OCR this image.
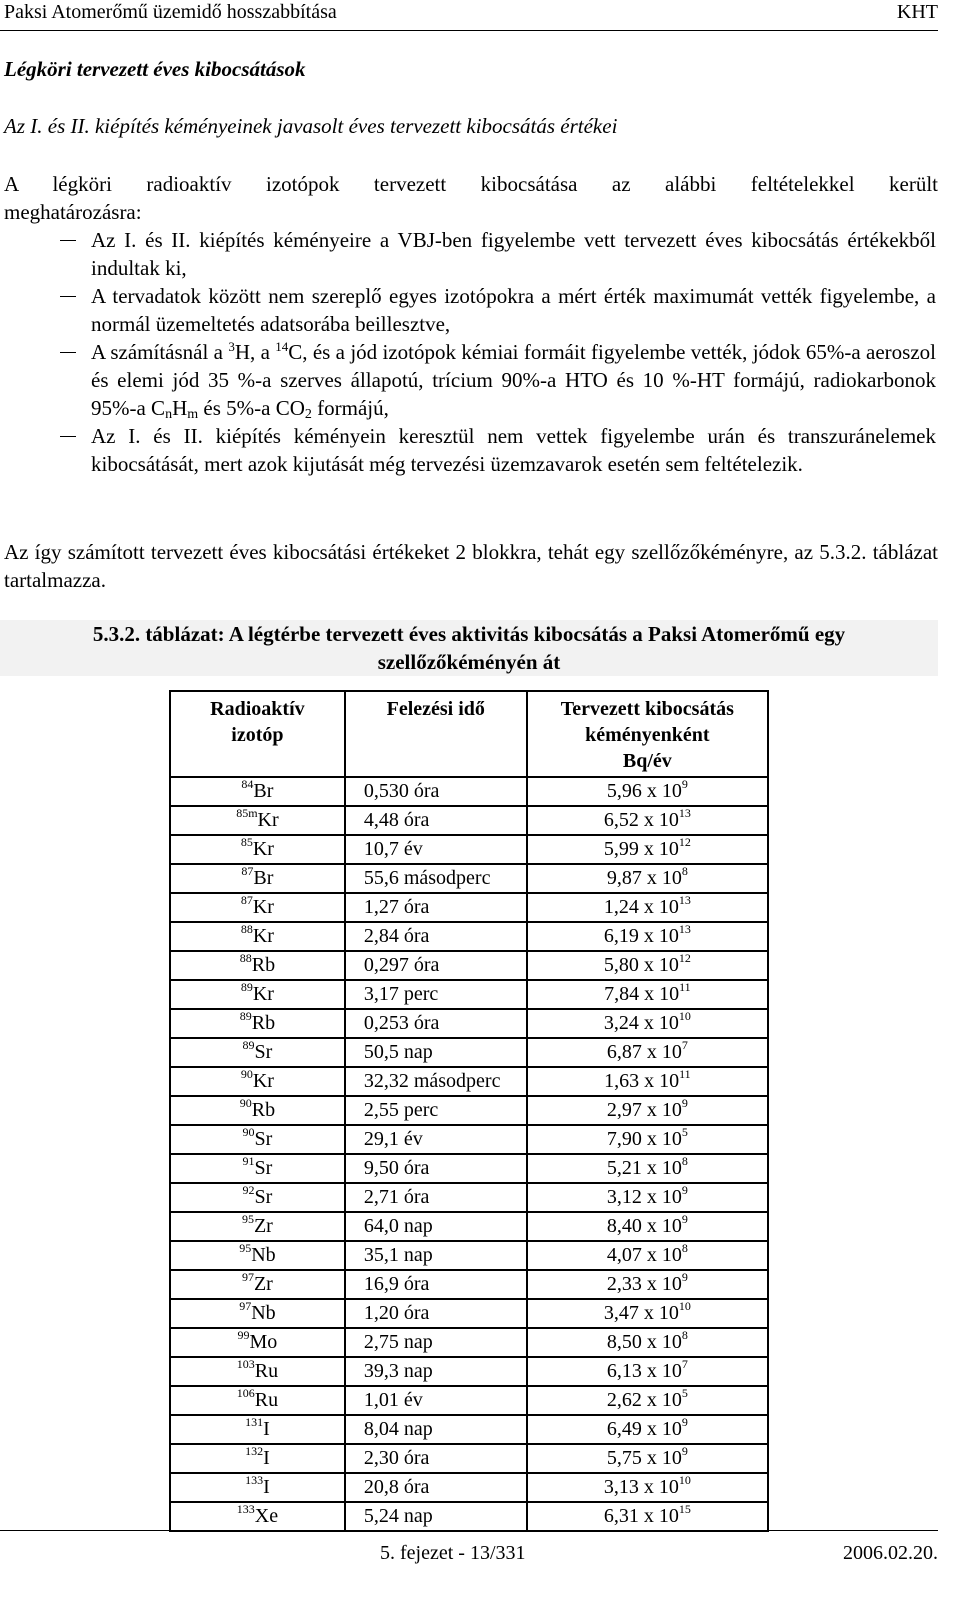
Paksi Atomerőmű üzemidő hosszabbítása	KHT
Légköri tervezett éves kibocsátások
Az I. és II. kiépítés kéményeinek javasolt éves tervezett kibocsátás értékei
A légköri radioaktív izotópok tervezett kibocsátása az alábbi feltételekkel került
meghatározásra:
Az I. és II. kiépítés kéményeire a VBJ-ben figyelembe vett tervezett éves kibocsátás értékekből indultak ki,
A tervadatok között nem szereplő egyes izotópokra a mért érték maximumát vették figyelembe, a normál üzemeltetés adatsorába beillesztve,
A számításnál a $^3$H, a $^{14}$C, és a jód izotópok kémiai formáit figyelembe vették, jódok 65%-a aeroszol és elemi jód 35 %-a szerves állapotú, trícium 90%-a HTO és 10 %-HT formájú, radiokarbonok 95%-a $C_nH_m$ és 5%-a $CO_2$ formájú,
Az I. és II. kiépítés kéményein keresztül nem vettek figyelembe urán és transzuránelemek kibocsátását, mert azok kijutását még tervezési üzemzavarok esetén sem feltételezik.
Az így számított tervezett éves kibocsátási értékeket 2 blokkra, tehát egy szellőzőkéményre, az 5.3.2. táblázat tartalmazza.
5.3.2. táblázat: A légtérbe tervezett éves aktivitás kibocsátás a Paksi Atomerőmű egy
szellőzőkéményén át
Radioaktív
izotóp	Felezési idő	Tervezett kibocsátás
kéményenként
Bq/év
$^{84}$Br	0,530 óra	5,96 x $10^9$
$^{85m}$Kr	4,48 óra	6,52 x $10^{13}$
$^{85}$Kr	10,7 év	5,99 x $10^{12}$
$^{87}$Br	55,6 másodperc	9,87 x $10^8$
$^{87}$Kr	1,27 óra	1,24 x $10^{13}$
$^{88}$Kr	2,84 óra	6,19 x $10^{13}$
$^{88}$Rb	0,297 óra	5,80 x $10^{12}$
$^{89}$Kr	3,17 perc	7,84 x $10^{11}$
$^{89}$Rb	0,253 óra	3,24 x $10^{10}$
$^{89}$Sr	50,5 nap	6,87 x $10^7$
$^{90}$Kr	32,32 másodperc	1,63 x $10^{11}$
$^{90}$Rb	2,55 perc	2,97 x $10^9$
$^{90}$Sr	29,1 év	7,90 x $10^5$
$^{91}$Sr	9,50 óra	5,21 x $10^8$
$^{92}$Sr	2,71 óra	3,12 x $10^9$
$^{95}$Zr	64,0 nap	8,40 x $10^9$
$^{95}$Nb	35,1 nap	4,07 x $10^8$
$^{97}$Zr	16,9 óra	2,33 x $10^9$
$^{97}$Nb	1,20 óra	3,47 x $10^{10}$
$^{99}$Mo	2,75 nap	8,50 x $10^8$
$^{103}$Ru	39,3 nap	6,13 x $10^7$
$^{106}$Ru	1,01 év	2,62 x $10^5$
$^{131}$I	8,04 nap	6,49 x $10^9$
$^{132}$I	2,30 óra	5,75 x $10^9$
$^{133}$I	20,8 óra	3,13 x $10^{10}$
$^{133}$Xe	5,24 nap	6,31 x $10^{15}$
5. fejezet - 13/331	2006.02.20.
